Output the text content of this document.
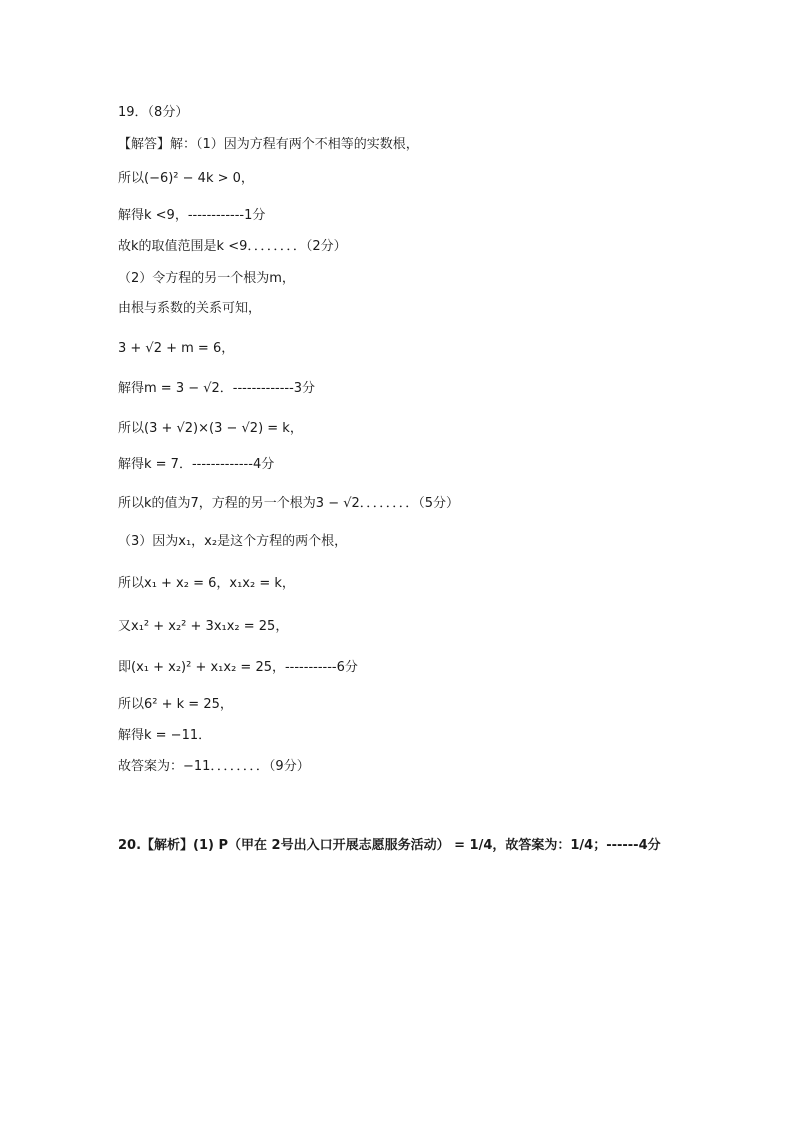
19．（8分）
【解答】解：（1）因为方程有两个不相等的实数根，
所以(−6)² − 4k > 0，
解得k <9，------------1分
故k的取值范围是k <9．．．．．．．．（2分）
（2）令方程的另一个根为m，
由根与系数的关系可知，
3 + √2 + m = 6，
解得m = 3 − √2．-------------3分
所以(3 + √2)×(3 − √2) = k，
解得k = 7．-------------4分
所以k的值为7，方程的另一个根为3 − √2．．．．．．．．（5分）
（3）因为x₁，x₂是这个方程的两个根，
所以x₁ + x₂ = 6，x₁x₂ = k，
又x₁² + x₂² + 3x₁x₂ = 25，
即(x₁ + x₂)² + x₁x₂ = 25，-----------6分
所以6² + k = 25，
解得k = −11．
故答案为：−11．．．．．．．．（9分）
20.【解析】(1) P（甲在 2号出入口开展志愿服务活动） = 1/4，故答案为：1/4；------4分
